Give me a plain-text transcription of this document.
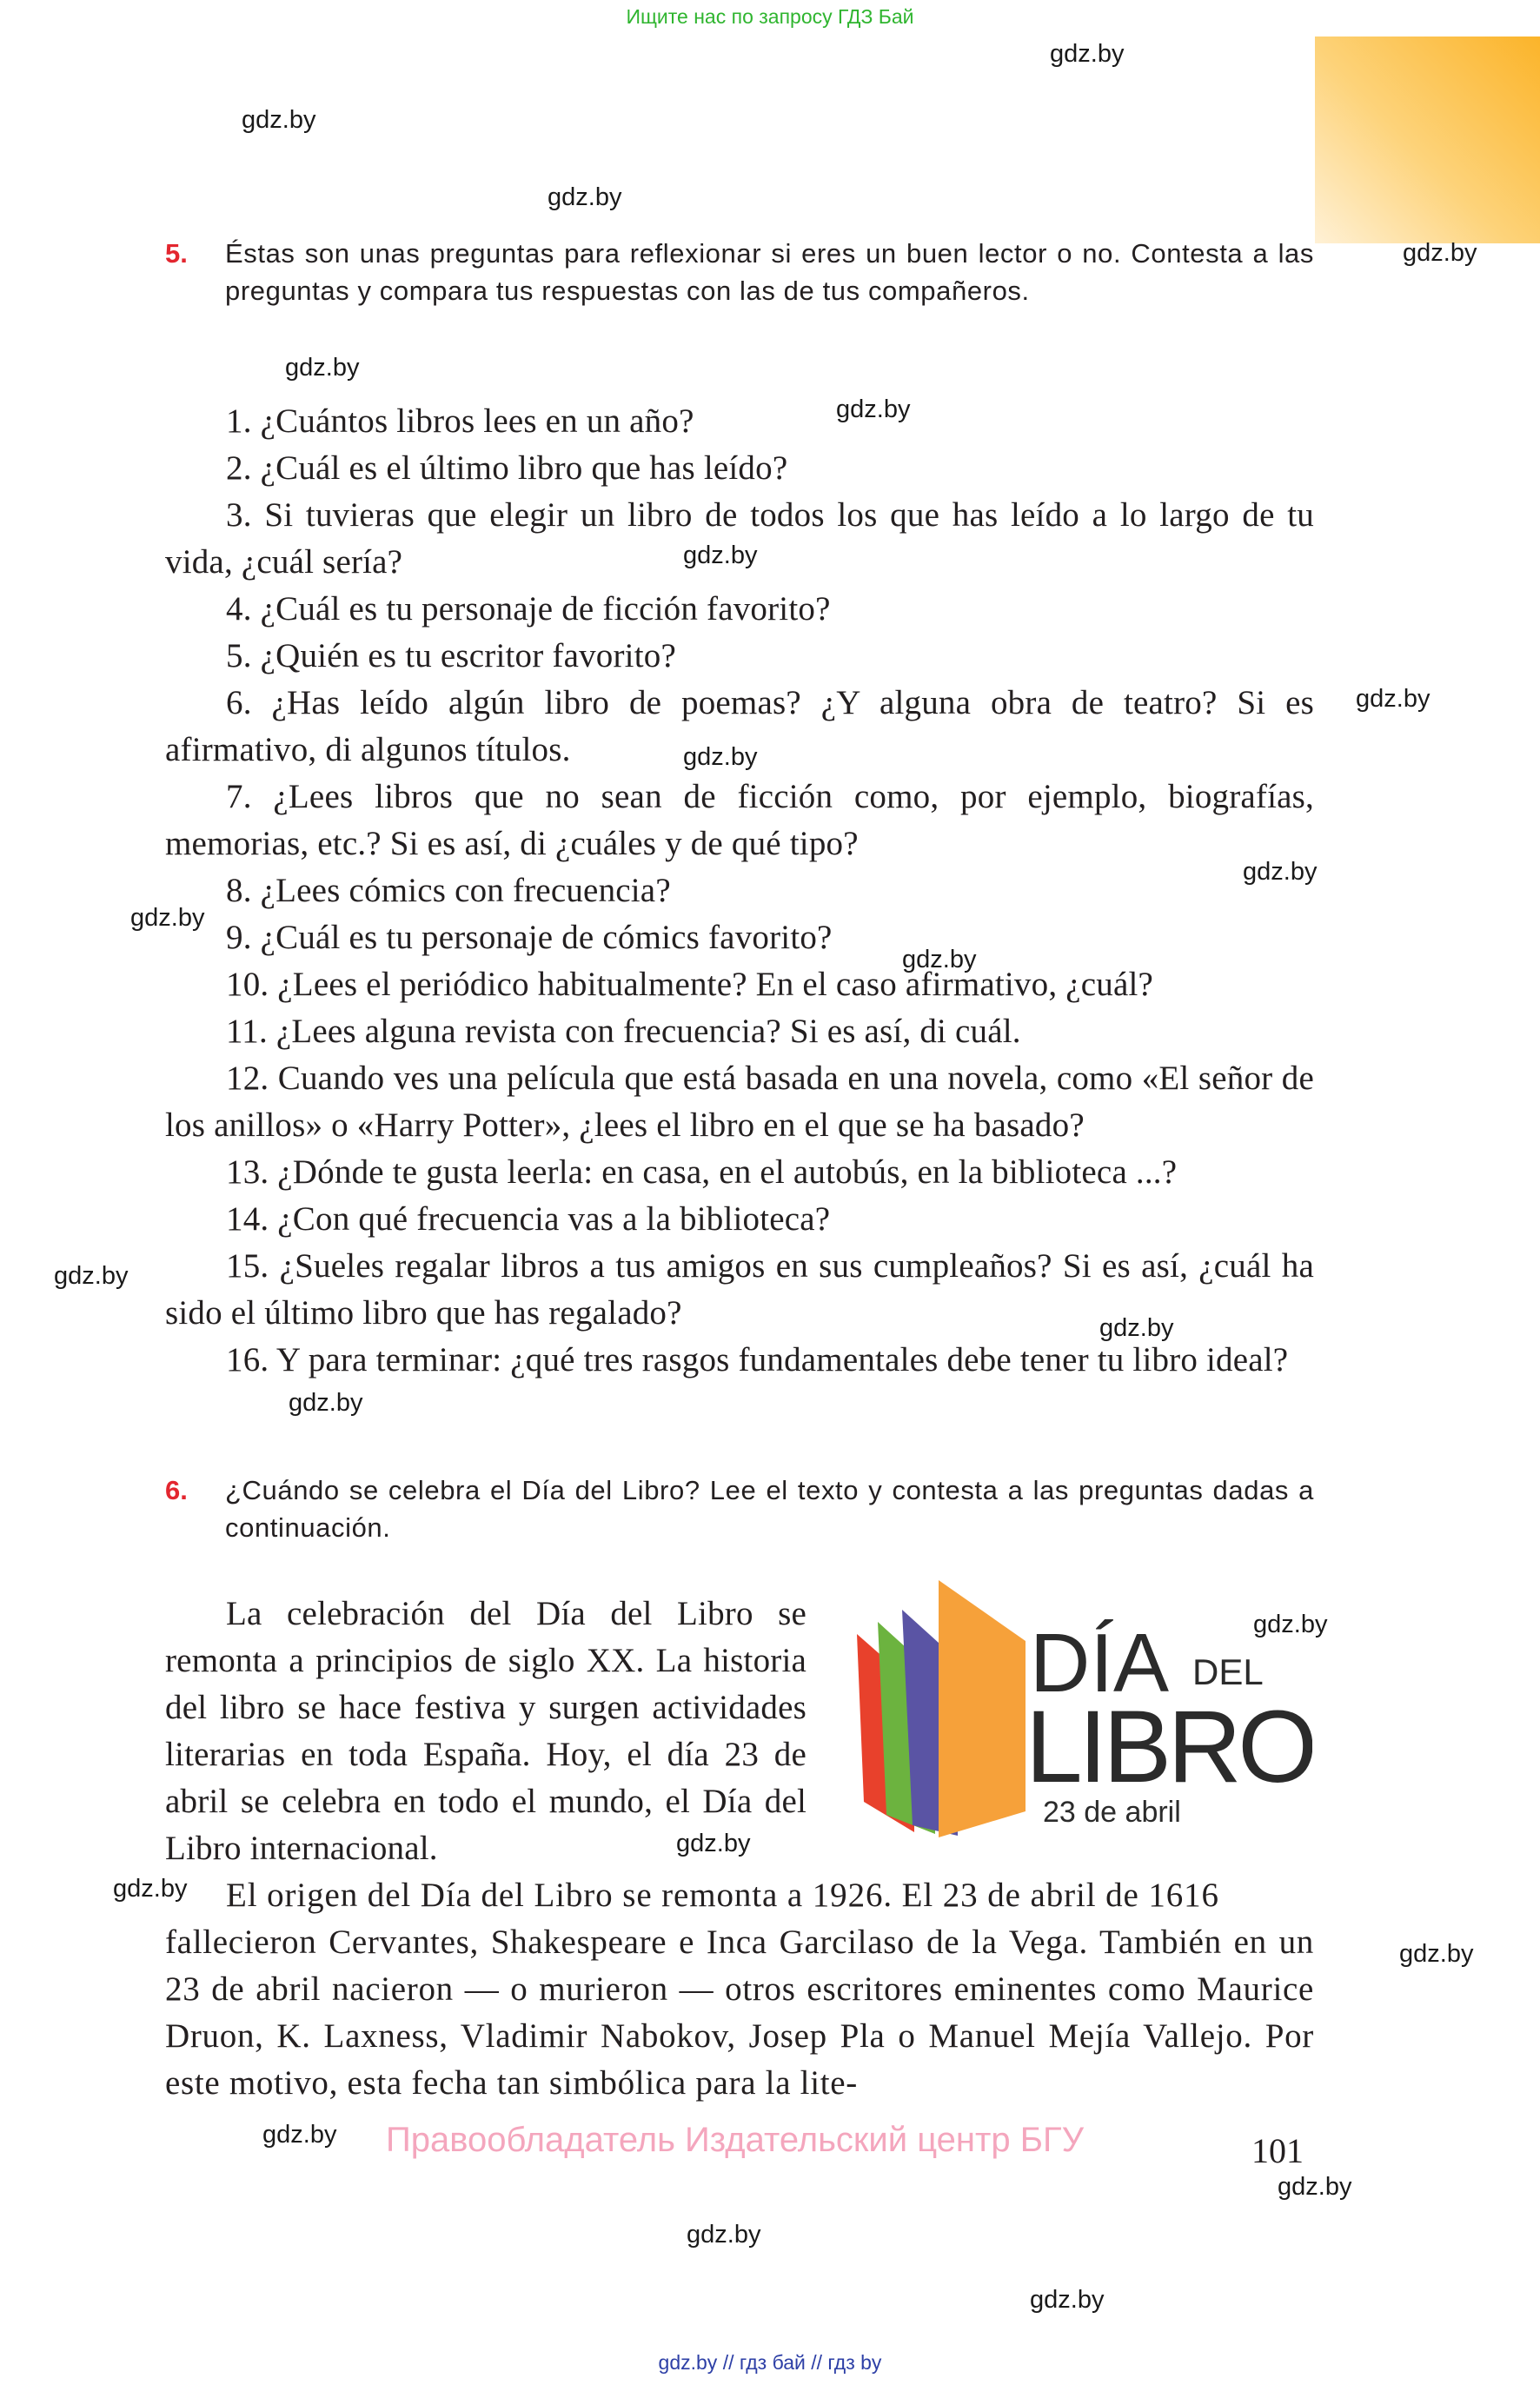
Ищите нас по запросу ГДЗ Бай
gdz.by
gdz.by
gdz.by
gdz.by
gdz.by
gdz.by
gdz.by
gdz.by
gdz.by
gdz.by
gdz.by
gdz.by
gdz.by
gdz.by
gdz.by
gdz.by
gdz.by
gdz.by
gdz.by
gdz.by
gdz.by
gdz.by
gdz.by
5. Éstas son unas preguntas para reflexionar si eres un buen lector o no. Contesta a las preguntas y compara tus respuestas con las de tus compañeros.

1. ¿Cuántos libros lees en un año?

2. ¿Cuál es el último libro que has leído?

3. Si tuvieras que elegir un libro de todos los que has leído a lo largo de tu vida, ¿cuál sería?

4. ¿Cuál es tu personaje de ficción favorito?

5. ¿Quién es tu escritor favorito?

6. ¿Has leído algún libro de poemas? ¿Y alguna obra de teatro? Si es afirmativo, di algunos títulos.

7. ¿Lees libros que no sean de ficción como, por ejemplo, biografías, memorias, etc.? Si es así, di ¿cuáles y de qué tipo?

8. ¿Lees cómics con frecuencia?

9. ¿Cuál es tu personaje de cómics favorito?

10. ¿Lees el periódico habitualmente? En el caso afirmativo, ¿cuál?

11. ¿Lees alguna revista con frecuencia? Si es así, di cuál.

12. Cuando ves una película que está basada en una novela, como «El señor de los anillos» o «Harry Potter», ¿lees el libro en el que se ha basado?

13. ¿Dónde te gusta leerla: en casa, en el autobús, en la biblioteca ...?

14. ¿Con qué frecuencia vas a la biblioteca?

15. ¿Sueles regalar libros a tus amigos en sus cumpleaños? Si es así, ¿cuál ha sido el último libro que has regalado?

16. Y para terminar: ¿qué tres rasgos fundamentales debe tener tu libro ideal?

6. ¿Cuándo se celebra el Día del Libro? Lee el texto y contesta a las preguntas dadas a continuación.

La celebración del Día del Libro se remonta a principios de siglo XX. La historia del libro se hace festiva y surgen actividades literarias en toda España. Hoy, el día 23 de abril se celebra en todo el mundo, el Día del Libro internacional.

El origen del Día del Libro se remonta a 1926. El 23 de abril de 1616

fallecieron Cervantes, Shakespeare e Inca Garcilaso de la Vega. También en un 23 de abril nacieron — o murieron — otros escritores eminentes como Maurice Druon, K. Laxness, Vladimir Nabokov, Josep Pla o Manuel Mejía Vallejo. Por este motivo, esta fecha tan simbólica para la lite-

DÍA DEL
LIBRO
23 de abril
Правообладатель Издательский центр БГУ	101
gdz.by // гдз бай // гдз by
